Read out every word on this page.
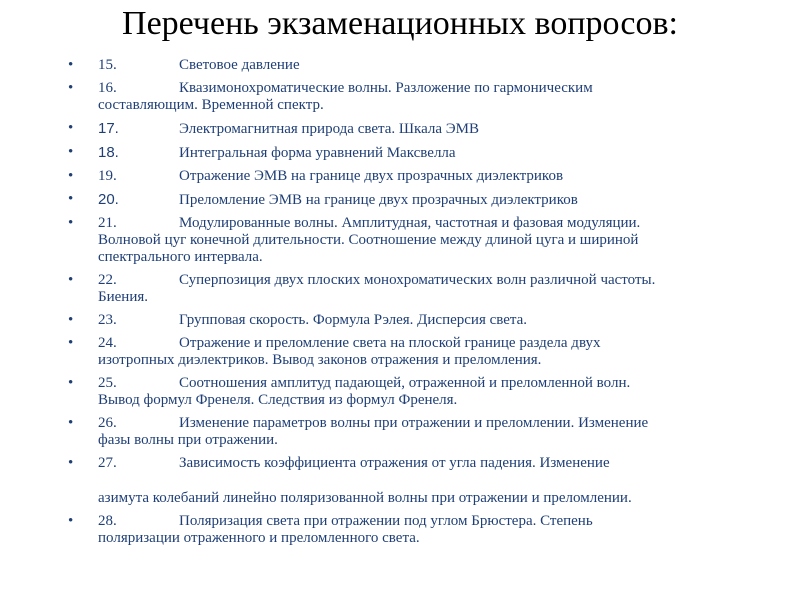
Перечень экзаменационных вопросов:
•	15.	Световое давление
•	16.	Квазимонохроматические волны. Разложение по гармоническим
составляющим. Временной спектр.
•	17.	Электромагнитная природа света. Шкала ЭМВ
•	18.	Интегральная форма уравнений Максвелла
•	19.	Отражение ЭМВ на границе двух прозрачных диэлектриков
•	20.	Преломление ЭМВ на границе двух прозрачных диэлектриков
•	21.	Модулированные волны. Амплитудная, частотная и фазовая модуляции.
Волновой цуг конечной длительности. Соотношение между длиной цуга и шириной
спектрального интервала.
•	22.	Суперпозиция двух плоских монохроматических волн различной частоты.
Биения.
•	23.	Групповая скорость. Формула Рэлея. Дисперсия света.
•	24.	Отражение и преломление света на плоской границе раздела двух
изотропных диэлектриков. Вывод законов отражения и преломления.
•	25.	Соотношения амплитуд падающей, отраженной и преломленной волн.
Вывод формул Френеля. Следствия из формул Френеля.
•	26.	Изменение параметров волны при отражении и преломлении. Изменение
фазы волны при отражении.
•	27.	Зависимость коэффициента отражения от угла падения. Изменение
азимута колебаний линейно поляризованной волны при отражении и преломлении.
•	28.	Поляризация света при отражении под углом Брюстера. Степень
поляризации отраженного и преломленного света.
